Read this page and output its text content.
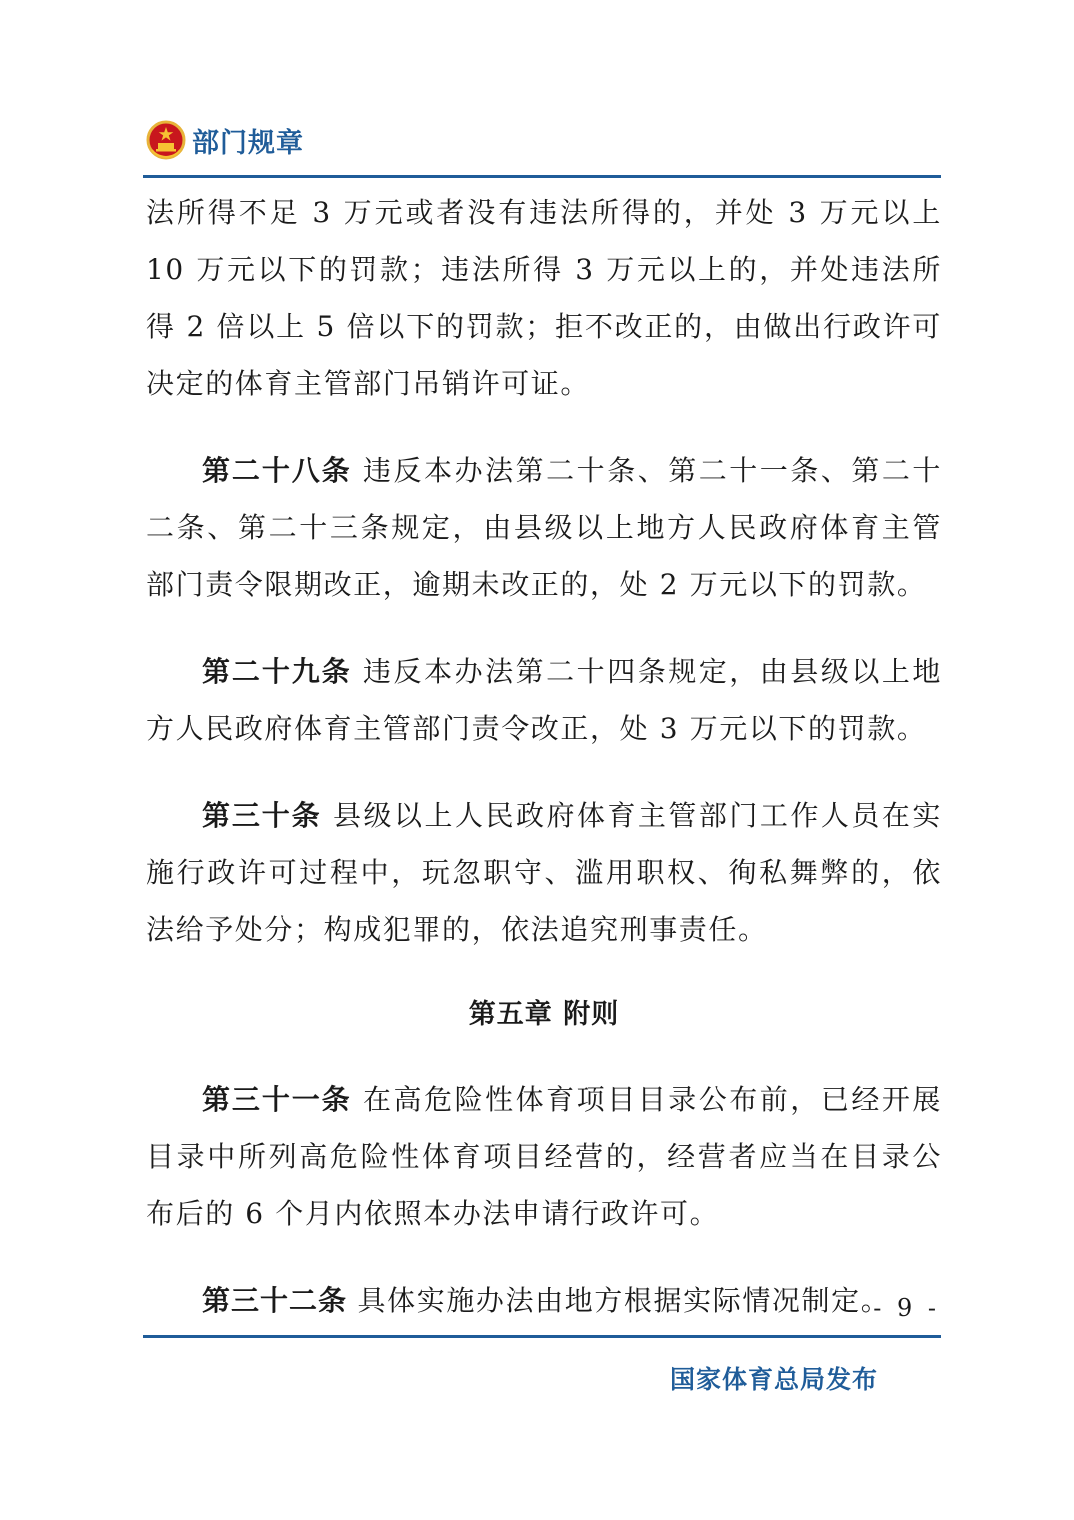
部门规章

法所得不足 3 万元或者没有违法所得的，并处 3 万元以上 10 万元以下的罚款；违法所得 3 万元以上的，并处违法所得 2 倍以上 5 倍以下的罚款；拒不改正的，由做出行政许可决定的体育主管部门吊销许可证。

第二十八条 违反本办法第二十条、第二十一条、第二十二条、第二十三条规定，由县级以上地方人民政府体育主管部门责令限期改正，逾期未改正的，处 2 万元以下的罚款。

第二十九条 违反本办法第二十四条规定，由县级以上地方人民政府体育主管部门责令改正，处 3 万元以下的罚款。

第三十条 县级以上人民政府体育主管部门工作人员在实施行政许可过程中，玩忽职守、滥用职权、徇私舞弊的，依法给予处分；构成犯罪的，依法追究刑事责任。

第五章 附则

第三十一条 在高危险性体育项目目录公布前，已经开展目录中所列高危险性体育项目经营的，经营者应当在目录公布后的 6 个月内依照本办法申请行政许可。

第三十二条 具体实施办法由地方根据实际情况制定。

- 9 -
国家体育总局发布
